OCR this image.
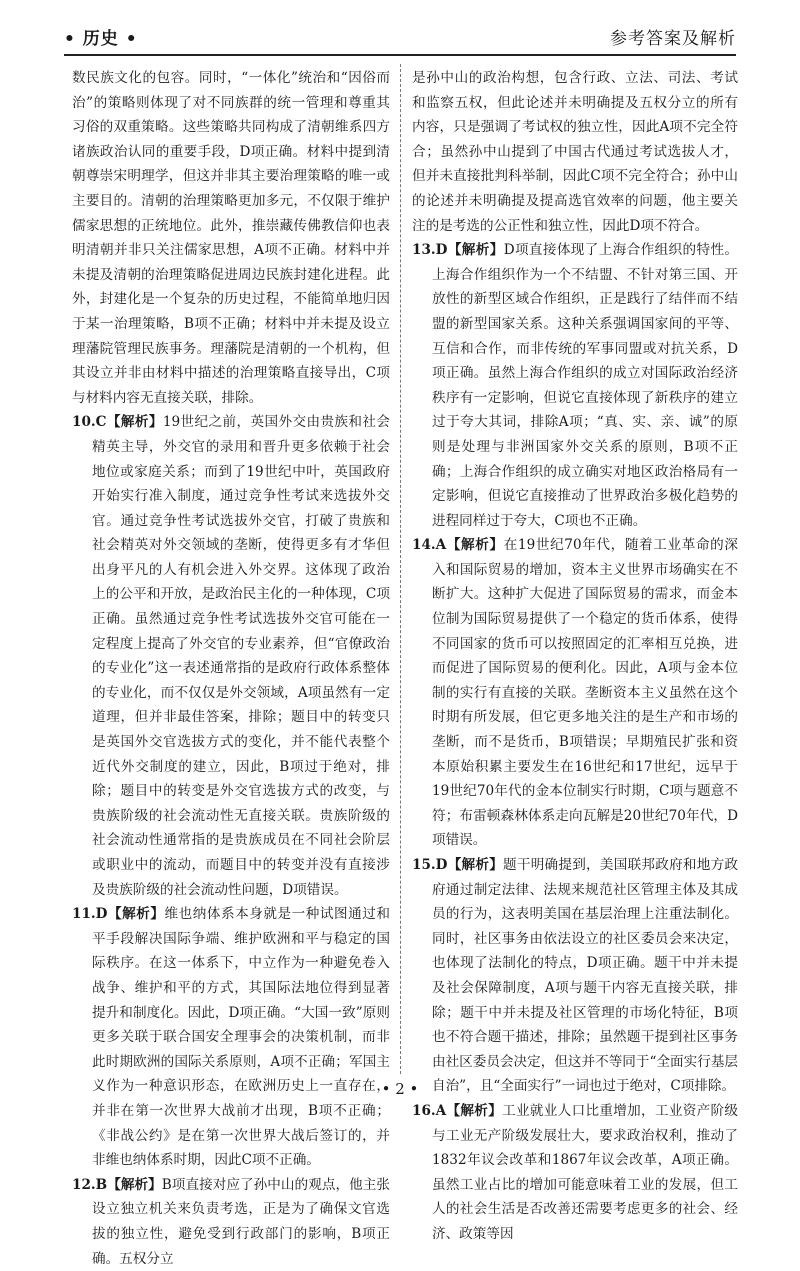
• 历史 •	参考答案及解析

数民族文化的包容。同时，“一体化”统治和“因俗而治”的策略则体现了对不同族群的统一管理和尊重其习俗的双重策略。这些策略共同构成了清朝维系四方诸族政治认同的重要手段，D项正确。材料中提到清朝尊崇宋明理学，但这并非其主要治理策略的唯一或主要目的。清朝的治理策略更加多元，不仅限于维护儒家思想的正统地位。此外，推崇藏传佛教信仰也表明清朝并非只关注儒家思想，A项不正确。材料中并未提及清朝的治理策略促进周边民族封建化进程。此外，封建化是一个复杂的历史过程，不能简单地归因于某一治理策略，B项不正确；材料中并未提及设立理藩院管理民族事务。理藩院是清朝的一个机构，但其设立并非由材料中描述的治理策略直接导出，C项与材料内容无直接关联，排除。

10.C【解析】19世纪之前，英国外交由贵族和社会精英主导，外交官的录用和晋升更多依赖于社会地位或家庭关系；而到了19世纪中叶，英国政府开始实行准入制度，通过竞争性考试来选拔外交官。通过竞争性考试选拔外交官，打破了贵族和社会精英对外交领域的垄断，使得更多有才华但出身平凡的人有机会进入外交界。这体现了政治上的公平和开放，是政治民主化的一种体现，C项正确。虽然通过竞争性考试选拔外交官可能在一定程度上提高了外交官的专业素养，但“官僚政治的专业化”这一表述通常指的是政府行政体系整体的专业化，而不仅仅是外交领域，A项虽然有一定道理，但并非最佳答案，排除；题目中的转变只是英国外交官选拔方式的变化，并不能代表整个近代外交制度的建立，因此，B项过于绝对，排除；题目中的转变是外交官选拔方式的改变，与贵族阶级的社会流动性无直接关联。贵族阶级的社会流动性通常指的是贵族成员在不同社会阶层或职业中的流动，而题目中的转变并没有直接涉及贵族阶级的社会流动性问题，D项错误。

11.D【解析】维也纳体系本身就是一种试图通过和平手段解决国际争端、维护欧洲和平与稳定的国际秩序。在这一体系下，中立作为一种避免卷入战争、维护和平的方式，其国际法地位得到显著提升和制度化。因此，D项正确。“大国一致”原则更多关联于联合国安全理事会的决策机制，而非此时期欧洲的国际关系原则，A项不正确；军国主义作为一种意识形态，在欧洲历史上一直存在，并非在第一次世界大战前才出现，B项不正确；《非战公约》是在第一次世界大战后签订的，并非维也纳体系时期，因此C项不正确。

12.B【解析】B项直接对应了孙中山的观点，他主张设立独立机关来负责考选，正是为了确保文官选拔的独立性，避免受到行政部门的影响，B项正确。五权分立

是孙中山的政治构想，包含行政、立法、司法、考试和监察五权，但此论述并未明确提及五权分立的所有内容，只是强调了考试权的独立性，因此A项不完全符合；虽然孙中山提到了中国古代通过考试选拔人才，但并未直接批判科举制，因此C项不完全符合；孙中山的论述并未明确提及提高选官效率的问题，他主要关注的是考选的公正性和独立性，因此D项不符合。

13.D【解析】D项直接体现了上海合作组织的特性。上海合作组织作为一个不结盟、不针对第三国、开放性的新型区域合作组织，正是践行了结伴而不结盟的新型国家关系。这种关系强调国家间的平等、互信和合作，而非传统的军事同盟或对抗关系，D项正确。虽然上海合作组织的成立对国际政治经济秩序有一定影响，但说它直接体现了新秩序的建立过于夸大其词，排除A项；“真、实、亲、诚”的原则是处理与非洲国家外交关系的原则，B项不正确；上海合作组织的成立确实对地区政治格局有一定影响，但说它直接推动了世界政治多极化趋势的进程同样过于夸大，C项也不正确。

14.A【解析】在19世纪70年代，随着工业革命的深入和国际贸易的增加，资本主义世界市场确实在不断扩大。这种扩大促进了国际贸易的需求，而金本位制为国际贸易提供了一个稳定的货币体系，使得不同国家的货币可以按照固定的汇率相互兑换，进而促进了国际贸易的便利化。因此，A项与金本位制的实行有直接的关联。垄断资本主义虽然在这个时期有所发展，但它更多地关注的是生产和市场的垄断，而不是货币，B项错误；早期殖民扩张和资本原始积累主要发生在16世纪和17世纪，远早于19世纪70年代的金本位制实行时期，C项与题意不符；布雷顿森林体系走向瓦解是20世纪70年代，D项错误。

15.D【解析】题干明确提到，美国联邦政府和地方政府通过制定法律、法规来规范社区管理主体及其成员的行为，这表明美国在基层治理上注重法制化。同时，社区事务由依法设立的社区委员会来决定，也体现了法制化的特点，D项正确。题干中并未提及社会保障制度，A项与题干内容无直接关联，排除；题干中并未提及社区管理的市场化特征，B项也不符合题干描述，排除；虽然题干提到社区事务由社区委员会决定，但这并不等同于“全面实行基层自治”，且“全面实行”一词也过于绝对，C项排除。

16.A【解析】工业就业人口比重增加，工业资产阶级与工业无产阶级发展壮大，要求政治权利，推动了1832年议会改革和1867年议会改革，A项正确。虽然工业占比的增加可能意味着工业的发展，但工人的社会生活是否改善还需要考虑更多的社会、经济、政策等因

• 2 •
